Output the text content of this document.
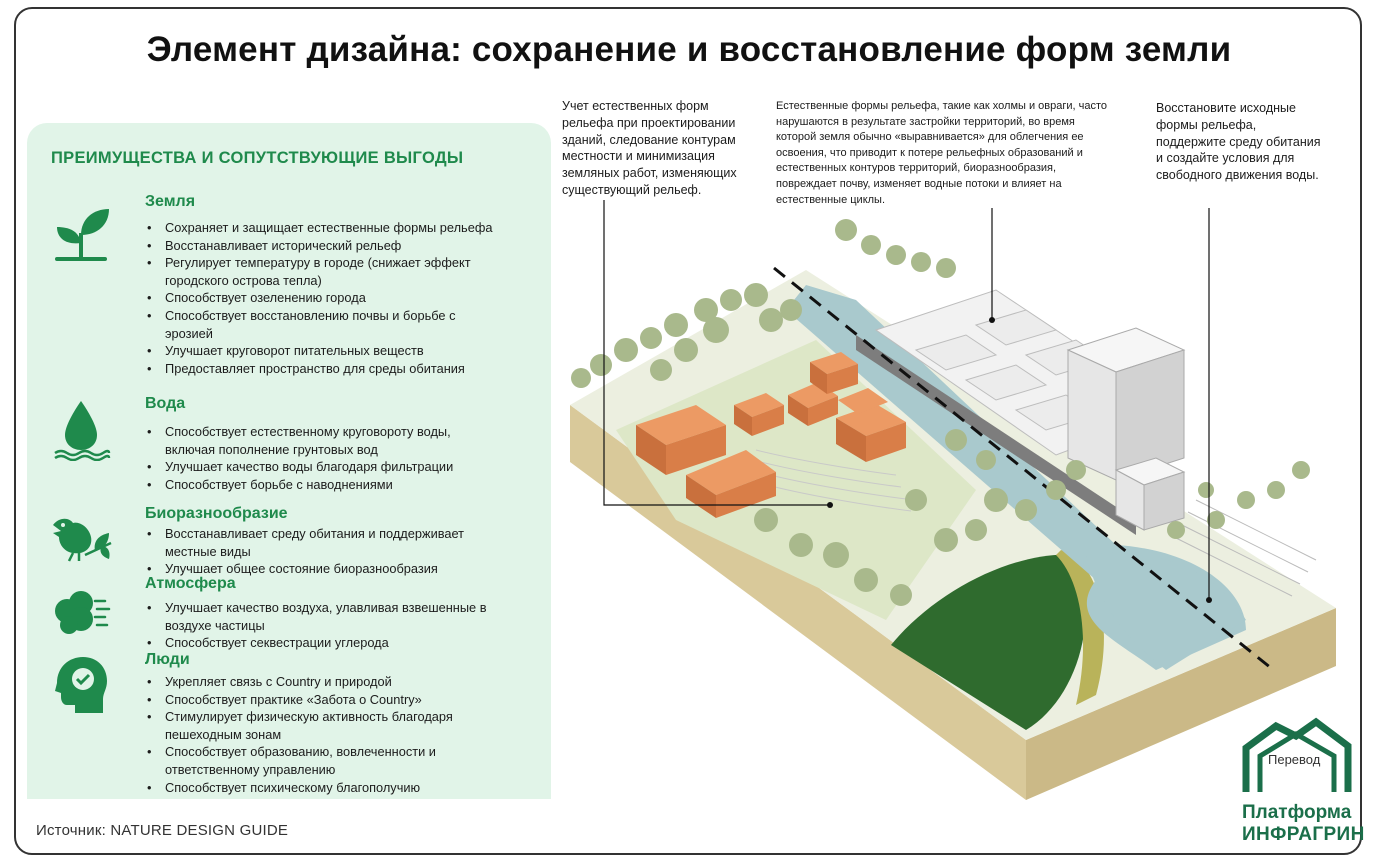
Элемент дизайна: сохранение и восстановление форм земли
ПРЕИМУЩЕСТВА И СОПУТСТВУЮЩИЕ ВЫГОДЫ
Земля
• Сохраняет и защищает естественные формы рельефа
• Восстанавливает исторический рельеф
• Регулирует температуру в городе (снижает эффект
городского острова тепла)
• Способствует озеленению города
• Способствует восстановлению почвы и борьбе с
эрозией
• Улучшает круговорот питательных веществ
• Предоставляет пространство для среды обитания
Вода
• Способствует естественному круговороту воды,
включая пополнение грунтовых вод
• Улучшает качество воды благодаря фильтрации
• Способствует борьбе с наводнениями
Биоразнообразие
• Восстанавливает среду обитания и поддерживает
местные виды
• Улучшает общее состояние биоразнообразия
Атмосфера
• Улучшает качество воздуха, улавливая взвешенные в
воздухе частицы
• Способствует секвестрации углерода
Люди
• Укрепляет связь с Country и природой
• Способствует практике «Забота о Country»
• Стимулирует физическую активность благодаря
пешеходным зонам
• Способствует образованию, вовлеченности и
ответственному управлению
• Способствует психическому благополучию
Источник: NATURE DESIGN GUIDE
Учет естественных форм
рельефа при проектировании
зданий, следование контурам
местности и минимизация
земляных работ, изменяющих
существующий рельеф.
Естественные формы рельефа, такие как холмы и овраги, часто
нарушаются в результате застройки территорий, во время
которой земля обычно «выравнивается» для облегчения ее
освоения, что приводит к потере рельефных образований и
естественных контуров территорий, биоразнообразия,
повреждает почву, изменяет водные потоки и влияет на
естественные циклы.
Восстановите исходные
формы рельефа,
поддержите среду обитания
и создайте условия для
свободного движения воды.
Перевод
Платформа
ИНФРАГРИН
